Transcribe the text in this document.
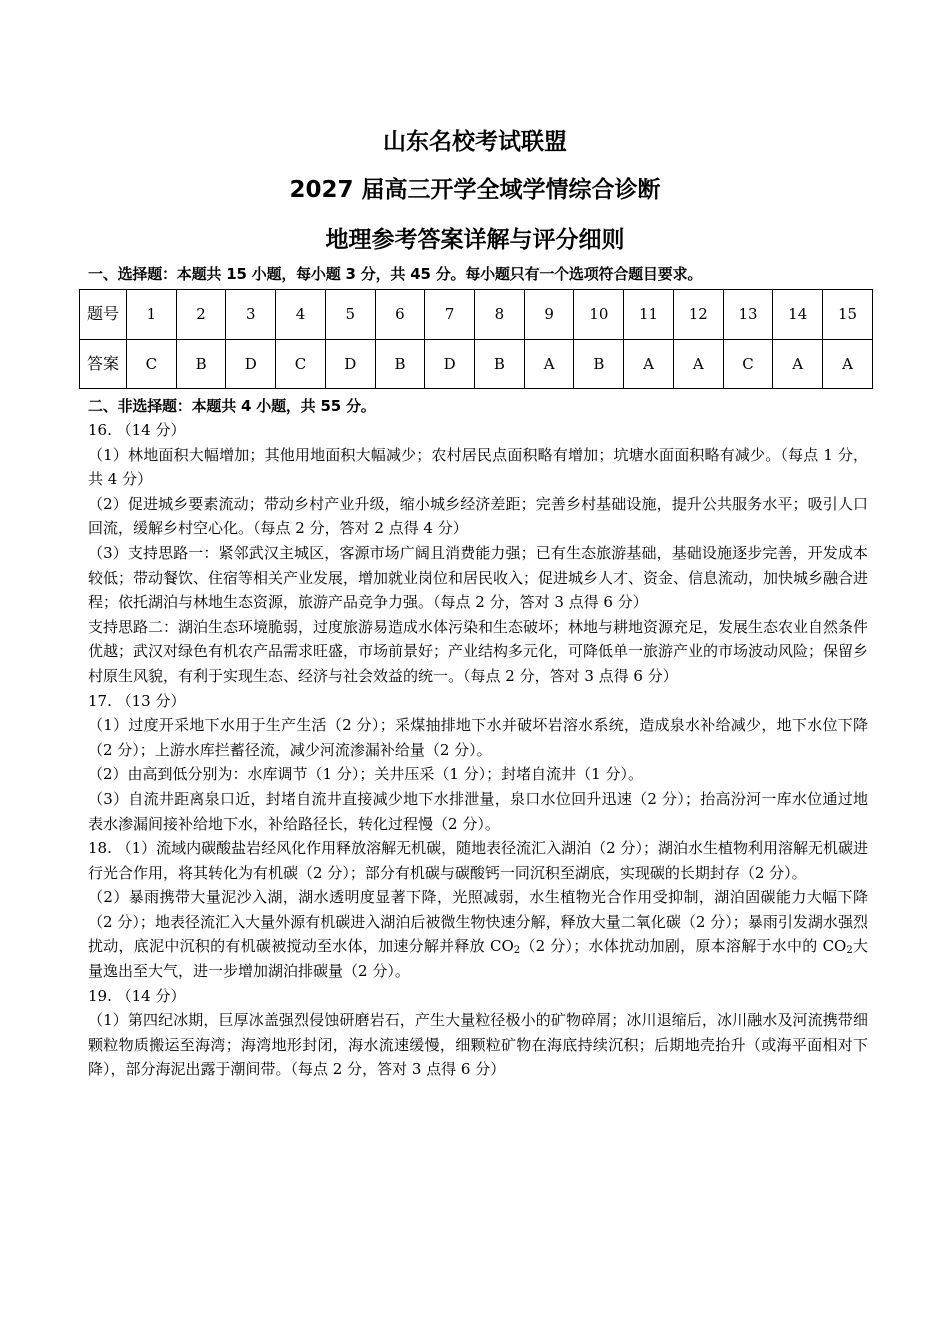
山东名校考试联盟
2027 届高三开学全域学情综合诊断
地理参考答案详解与评分细则

一、选择题：本题共 15 小题，每小题 3 分，共 45 分。每小题只有一个选项符合题目要求。

题号	1	2	3	4	5	6	7	8	9	10	11	12	13	14	15
答案	C	B	D	C	D	B	D	B	A	B	A	A	C	A	A

二、非选择题：本题共 4 小题，共 55 分。

16. （14 分）

（1）林地面积大幅增加；其他用地面积大幅减少；农村居民点面积略有增加；坑塘水面面积略有减少。（每点 1 分，共 4 分）

（2）促进城乡要素流动；带动乡村产业升级，缩小城乡经济差距；完善乡村基础设施，提升公共服务水平；吸引人口回流，缓解乡村空心化。（每点 2 分，答对 2 点得 4 分）

（3）支持思路一：紧邻武汉主城区，客源市场广阔且消费能力强；已有生态旅游基础，基础设施逐步完善，开发成本较低；带动餐饮、住宿等相关产业发展，增加就业岗位和居民收入；促进城乡人才、资金、信息流动，加快城乡融合进程；依托湖泊与林地生态资源，旅游产品竞争力强。（每点 2 分，答对 3 点得 6 分）

支持思路二：湖泊生态环境脆弱，过度旅游易造成水体污染和生态破坏；林地与耕地资源充足，发展生态农业自然条件优越；武汉对绿色有机农产品需求旺盛，市场前景好；产业结构多元化，可降低单一旅游产业的市场波动风险；保留乡村原生风貌，有利于实现生态、经济与社会效益的统一。（每点 2 分，答对 3 点得 6 分）

17. （13 分）

（1）过度开采地下水用于生产生活（2 分）；采煤抽排地下水并破坏岩溶水系统，造成泉水补给减少，地下水位下降（2 分）；上游水库拦蓄径流，减少河流渗漏补给量（2 分）。

（2）由高到低分别为：水库调节（1 分）；关井压采（1 分）；封堵自流井（1 分）。

（3）自流井距离泉口近，封堵自流井直接减少地下水排泄量，泉口水位回升迅速（2 分）；抬高汾河一库水位通过地表水渗漏间接补给地下水，补给路径长，转化过程慢（2 分）。

18. （1）流域内碳酸盐岩经风化作用释放溶解无机碳，随地表径流汇入湖泊（2 分）；湖泊水生植物利用溶解无机碳进行光合作用，将其转化为有机碳（2 分）；部分有机碳与碳酸钙一同沉积至湖底，实现碳的长期封存（2 分）。

（2）暴雨携带大量泥沙入湖，湖水透明度显著下降，光照减弱，水生植物光合作用受抑制，湖泊固碳能力大幅下降（2 分）；地表径流汇入大量外源有机碳进入湖泊后被微生物快速分解，释放大量二氧化碳（2 分）；暴雨引发湖水强烈扰动，底泥中沉积的有机碳被搅动至水体，加速分解并释放 $CO_2(2$ 分）；水体扰动加剧，原本溶解于水中的 $CO_2$大量逸出至大气，进一步增加湖泊排碳量（2 分）。

19. （14 分）

（1）第四纪冰期，巨厚冰盖强烈侵蚀研磨岩石，产生大量粒径极小的矿物碎屑；冰川退缩后，冰川融水及河流携带细颗粒物质搬运至海湾；海湾地形封闭，海水流速缓慢，细颗粒矿物在海底持续沉积；后期地壳抬升（或海平面相对下降），部分海泥出露于潮间带。（每点 2 分，答对 3 点得 6 分）
